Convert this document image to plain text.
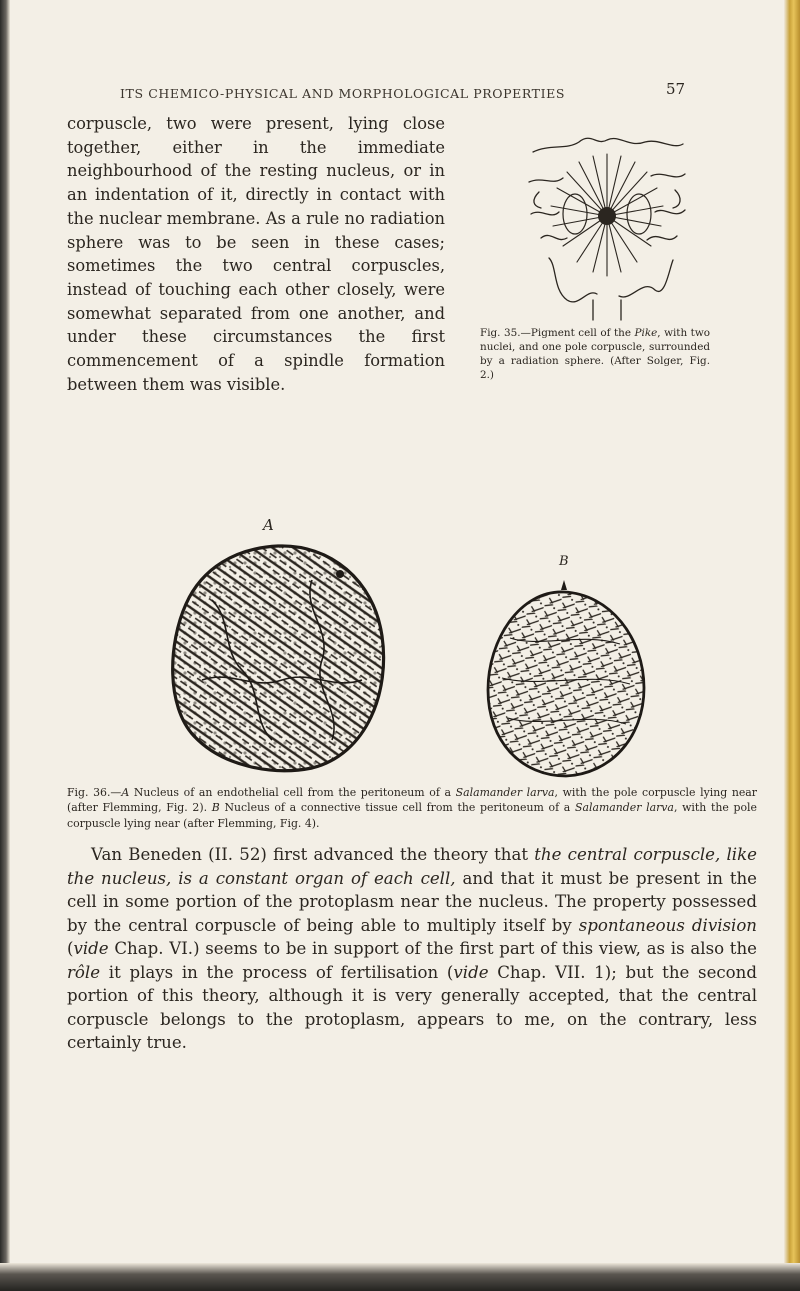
ITS CHEMICO-PHYSICAL AND MORPHOLOGICAL PROPERTIES	57

corpuscle, two were present, lying close together, either in the immediate neighbourhood of the resting nucleus, or in an indentation of it, directly in contact with the nuclear membrane. As a rule no radiation sphere was to be seen in these cases; sometimes the two central corpuscles, instead of touching each other closely, were somewhat separated from one another, and under these circumstances the first commencement of a spindle formation between them was visible.

Fig. 35.—Pigment cell of the Pike, with two nuclei, and one pole corpuscle, surrounded by a radiation sphere. (After Solger, Fig. 2.)
A
B
Fig. 36.—A Nucleus of an endothelial cell from the peritoneum of a Salamander larva, with the pole corpuscle lying near (after Flemming, Fig. 2). B Nucleus of a connective tissue cell from the peritoneum of a Salamander larva, with the pole corpuscle lying near (after Flemming, Fig. 4).

Van Beneden (II. 52) first advanced the theory that the central corpuscle, like the nucleus, is a constant organ of each cell, and that it must be present in the cell in some portion of the protoplasm near the nucleus. The property possessed by the central corpuscle of being able to multiply itself by spontaneous division (vide Chap. VI.) seems to be in support of the first part of this view, as is also the rôle it plays in the process of fertilisation (vide Chap. VII. 1); but the second portion of this theory, although it is very generally accepted, that the central corpuscle belongs to the protoplasm, appears to me, on the contrary, less certainly true.
